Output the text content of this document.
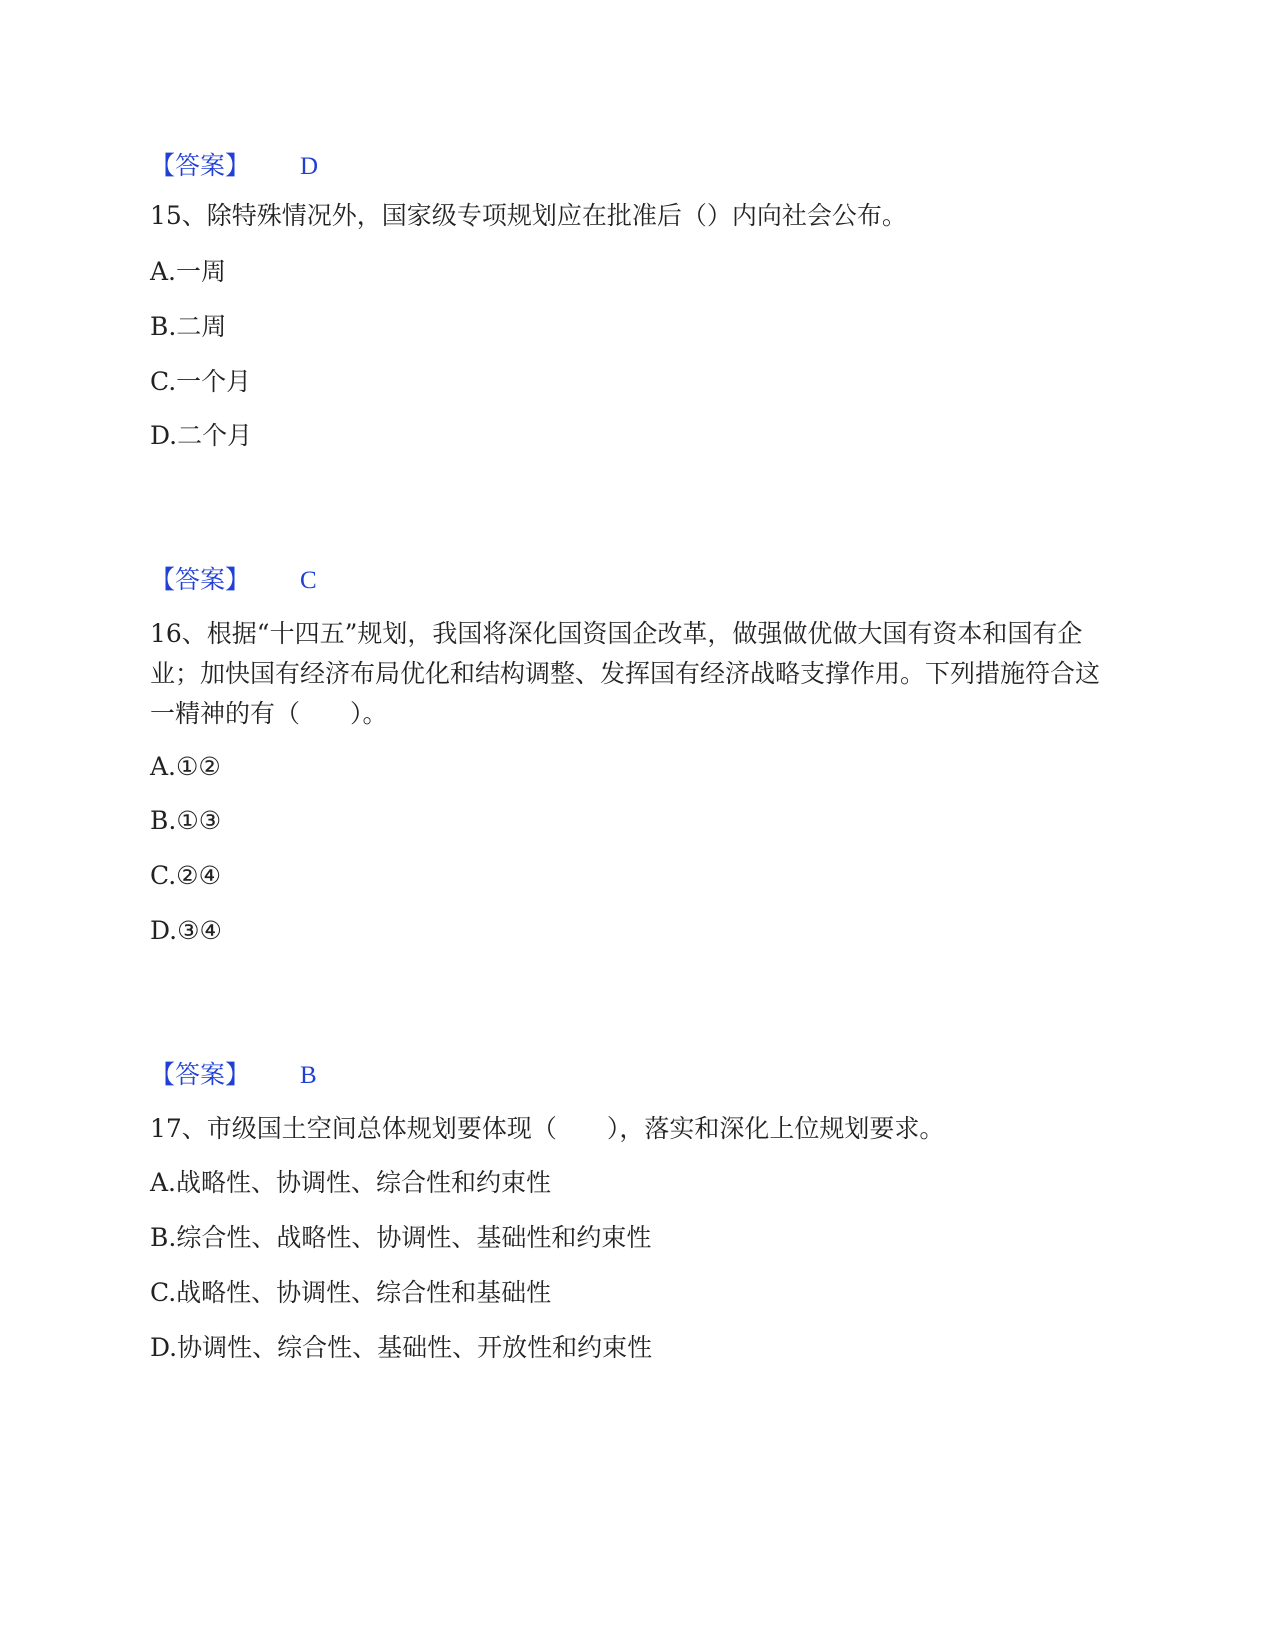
【答案】 D
15、除特殊情况外，国家级专项规划应在批准后（）内向社会公布。
A.一周
B.二周
C.一个月
D.二个月
【答案】 C
16、根据“十四五”规划，我国将深化国资国企改革，做强做优做大国有资本和国有企业；加快国有经济布局优化和结构调整、发挥国有经济战略支撑作用。下列措施符合这一精神的有（　　）。
A.①②
B.①③
C.②④
D.③④
【答案】 B
17、市级国土空间总体规划要体现（　　），落实和深化上位规划要求。
A.战略性、协调性、综合性和约束性
B.综合性、战略性、协调性、基础性和约束性
C.战略性、协调性、综合性和基础性
D.协调性、综合性、基础性、开放性和约束性
